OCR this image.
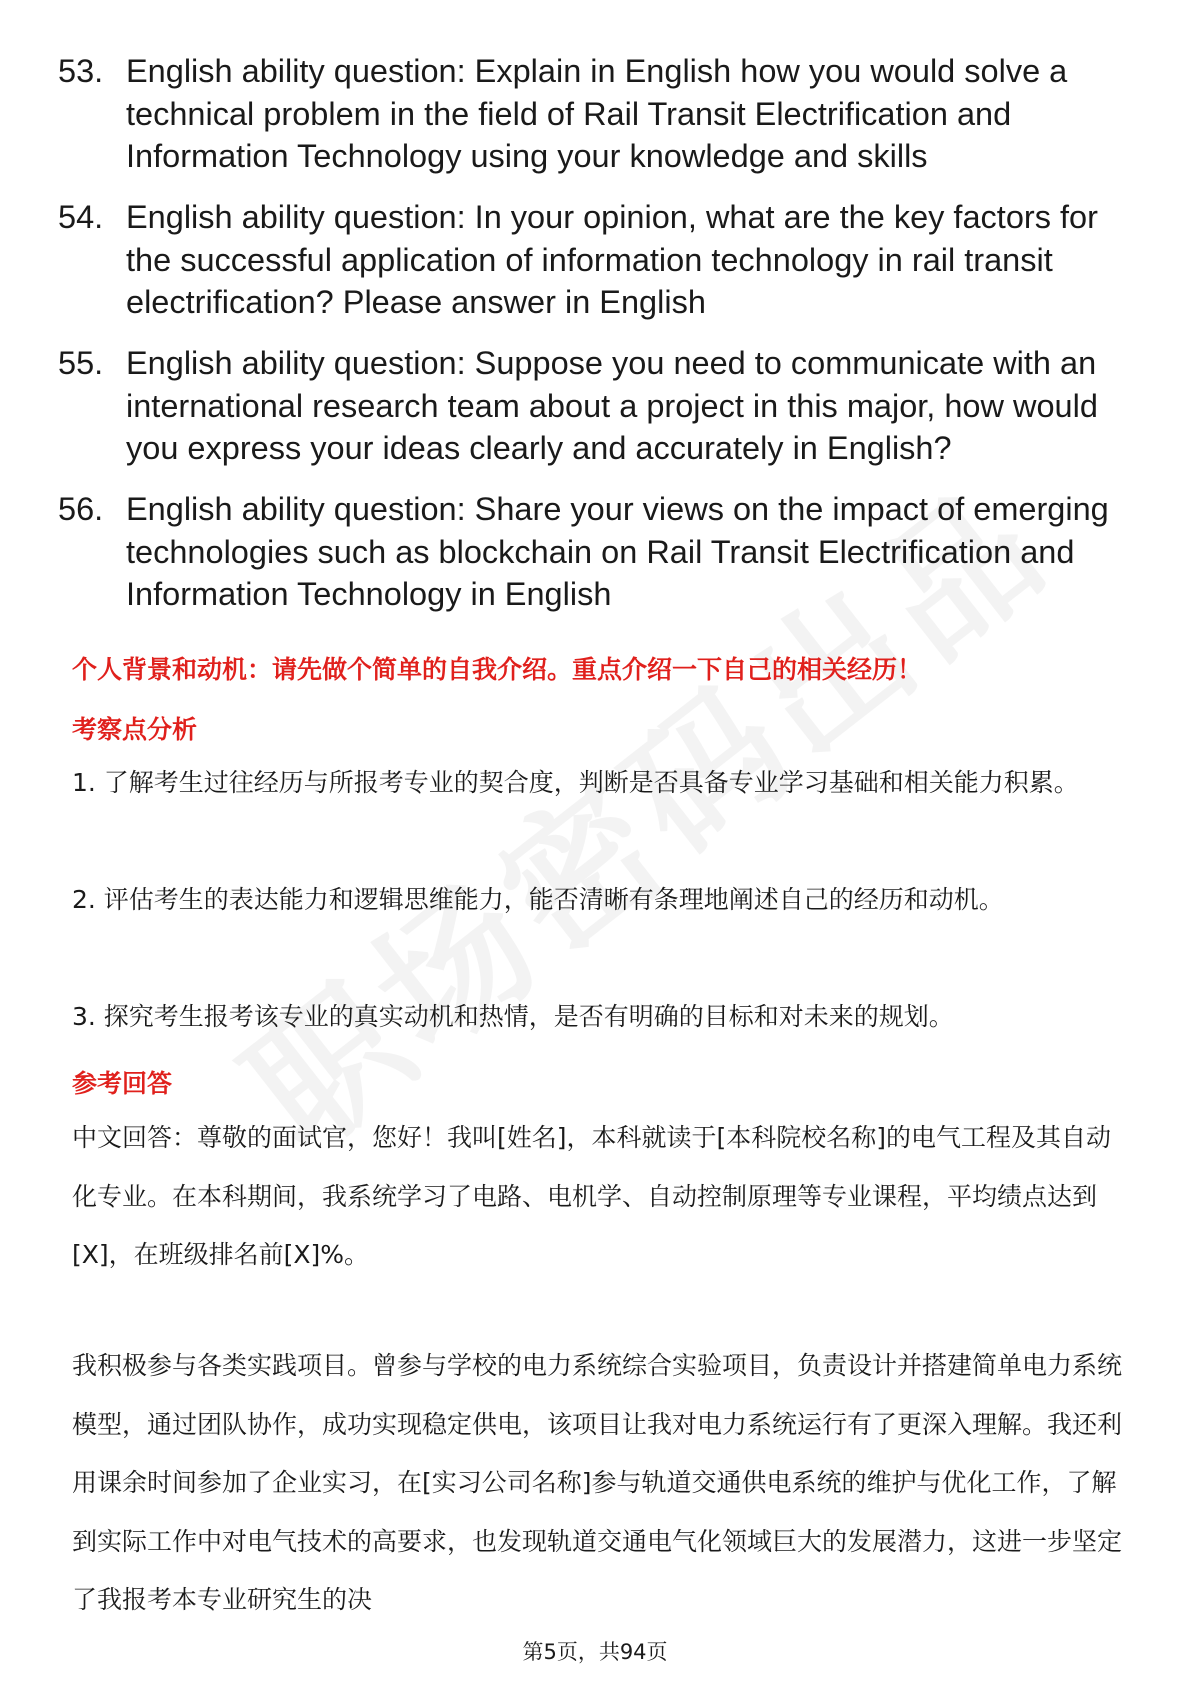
53. English ability question: Explain in English how you would solve a technical problem in the field of Rail Transit Electrification and Information Technology using your knowledge and skills
54. English ability question: In your opinion, what are the key factors for the successful application of information technology in rail transit electrification? Please answer in English
55. English ability question: Suppose you need to communicate with an international research team about a project in this major, how would you express your ideas clearly and accurately in English?
56. English ability question: Share your views on the impact of emerging technologies such as blockchain on Rail Transit Electrification and Information Technology in English
个人背景和动机：请先做个简单的自我介绍。重点介绍一下自己的相关经历！
考察点分析

1. 了解考生过往经历与所报考专业的契合度，判断是否具备专业学习基础和相关能力积累。

2. 评估考生的表达能力和逻辑思维能力，能否清晰有条理地阐述自己的经历和动机。

3. 探究考生报考该专业的真实动机和热情，是否有明确的目标和对未来的规划。

参考回答

中文回答：尊敬的面试官，您好！我叫[姓名]，本科就读于[本科院校名称]的电气工程及其自动化专业。在本科期间，我系统学习了电路、电机学、自动控制原理等专业课程，平均绩点达到[X]，在班级排名前[X]%。

我积极参与各类实践项目。曾参与学校的电力系统综合实验项目，负责设计并搭建简单电力系统模型，通过团队协作，成功实现稳定供电，该项目让我对电力系统运行有了更深入理解。我还利用课余时间参加了企业实习，在[实习公司名称]参与轨道交通供电系统的维护与优化工作，了解到实际工作中对电气技术的高要求，也发现轨道交通电气化领域巨大的发展潜力，这进一步坚定了我报考本专业研究生的决

第5页，共94页
